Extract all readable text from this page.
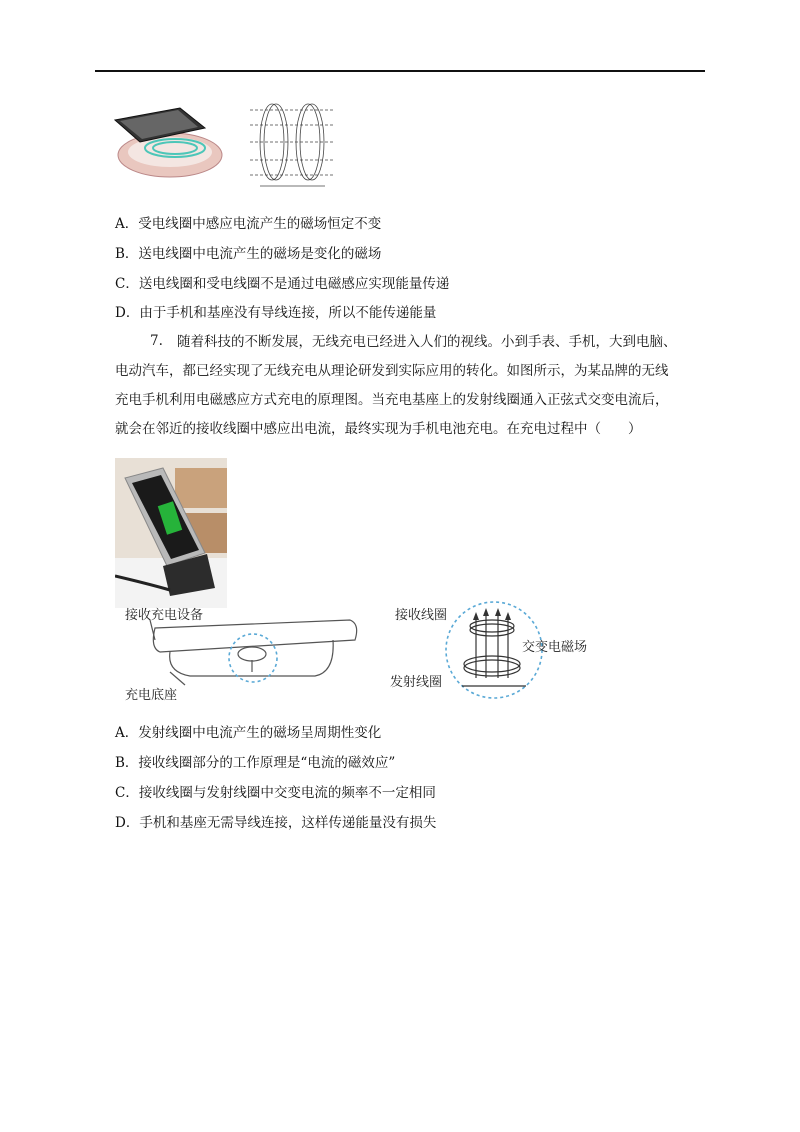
A．受电线圈中感应电流产生的磁场恒定不变
B．送电线圈中电流产生的磁场是变化的磁场
C．送电线圈和受电线圈不是通过电磁感应实现能量传递
D．由于手机和基座没有导线连接，所以不能传递能量
7.	随着科技的不断发展，无线充电已经进入人们的视线。小到手表、手机，大到电脑、

电动汽车，都已经实现了无线充电从理论研发到实际应用的转化。如图所示，为某品牌的无线

充电手机利用电磁感应方式充电的原理图。当充电基座上的发射线圈通入正弦式交变电流后，

就会在邻近的接收线圈中感应出电流，最终实现为手机电池充电。在充电过程中（　　）

接收充电设备
充电底座
接收线圈
交变电磁场
发射线圈
A．发射线圈中电流产生的磁场呈周期性变化
B．接收线圈部分的工作原理是“电流的磁效应”
C．接收线圈与发射线圈中交变电流的频率不一定相同
D．手机和基座无需导线连接，这样传递能量没有损失
